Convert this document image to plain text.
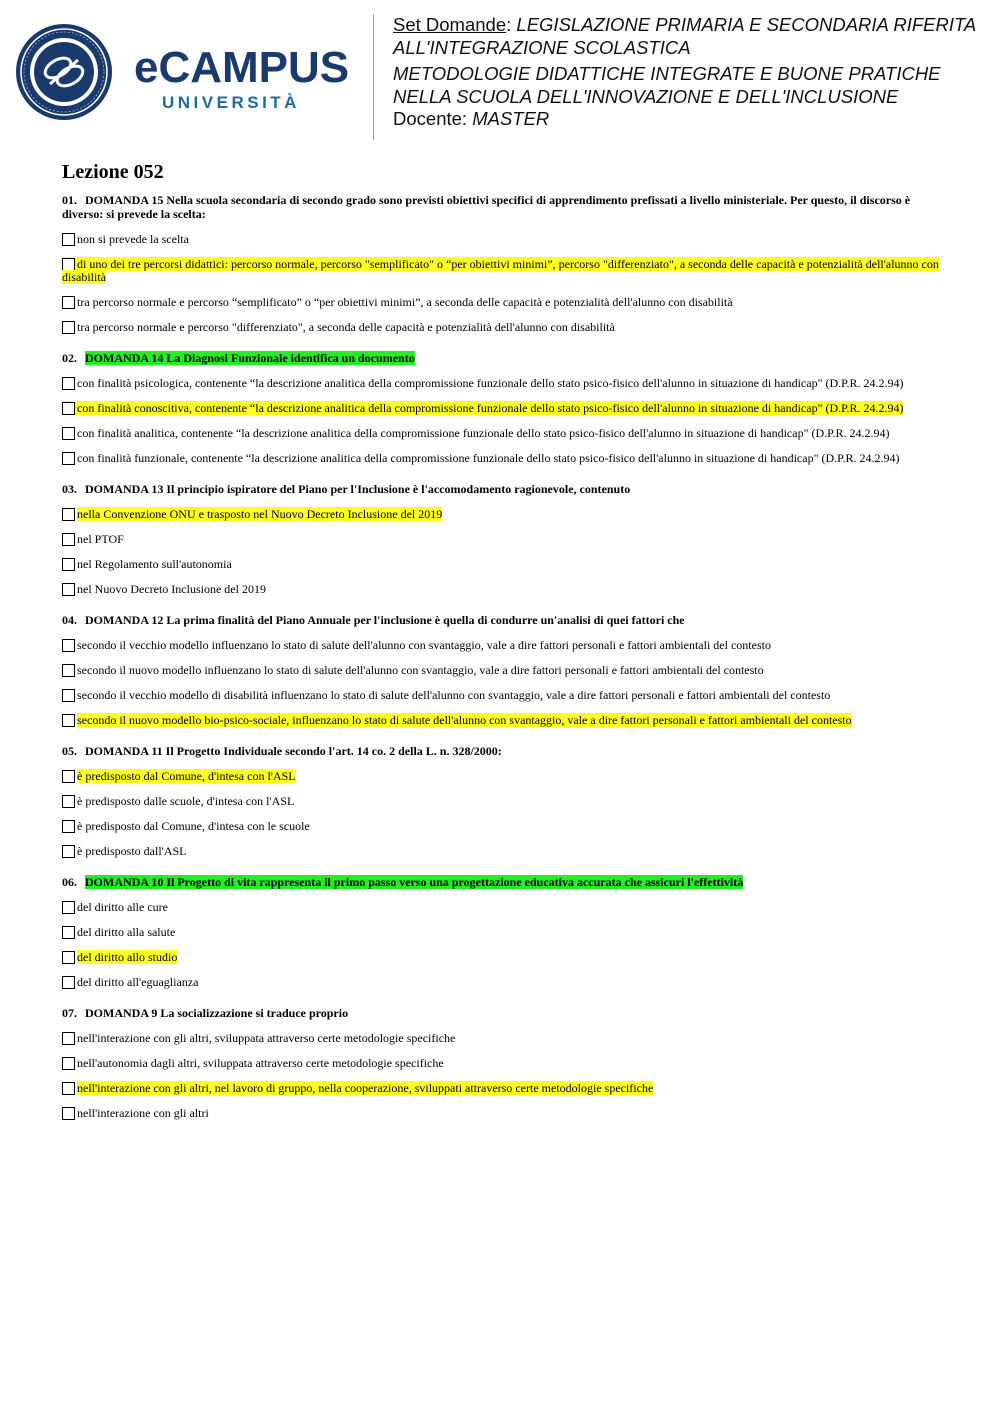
eCAMPUS
UNIVERSITÀ
Set Domande: LEGISLAZIONE PRIMARIA E SECONDARIA RIFERITA
ALL'INTEGRAZIONE SCOLASTICA
METODOLOGIE DIDATTICHE INTEGRATE E BUONE PRATICHE
NELLA SCUOLA DELL'INNOVAZIONE E DELL'INCLUSIONE
Docente: MASTER
Lezione 052
01. DOMANDA 15 Nella scuola secondaria di secondo grado sono previsti obiettivi specifici di apprendimento prefissati a livello ministeriale. Per questo, il discorso è diverso: si prevede la scelta:
non si prevede la scelta
di uno dei tre percorsi didattici: percorso normale, percorso "semplificato" o “per obiettivi minimi”, percorso "differenziato", a seconda delle capacità e potenzialità dell'alunno con disabilità
tra percorso normale e percorso “semplificato” o “per obiettivi minimi”, a seconda delle capacità e potenzialità dell'alunno con disabilità
tra percorso normale e percorso "differenziato", a seconda delle capacità e potenzialità dell'alunno con disabilità
02. DOMANDA 14 La Diagnosi Funzionale identifica un documento
con finalità psicologica, contenente “la descrizione analitica della compromissione funzionale dello stato psico-fisico dell'alunno in situazione di handicap" (D.P.R. 24.2.94)
con finalità conoscitiva, contenente “la descrizione analitica della compromissione funzionale dello stato psico-fisico dell'alunno in situazione di handicap" (D.P.R. 24.2.94)
con finalità analitica, contenente “la descrizione analitica della compromissione funzionale dello stato psico-fisico dell'alunno in situazione di handicap" (D.P.R. 24.2.94)
con finalità funzionale, contenente “la descrizione analitica della compromissione funzionale dello stato psico-fisico dell'alunno in situazione di handicap" (D.P.R. 24.2.94)
03. DOMANDA 13 Il principio ispiratore del Piano per l'Inclusione è l'accomodamento ragionevole, contenuto
nella Convenzione ONU e trasposto nel Nuovo Decreto Inclusione del 2019
nel PTOF
nel Regolamento sull'autonomia
nel Nuovo Decreto Inclusione del 2019
04. DOMANDA 12 La prima finalità del Piano Annuale per l'inclusione è quella di condurre un'analisi di quei fattori che
secondo il vecchio modello influenzano lo stato di salute dell'alunno con svantaggio, vale a dire fattori personali e fattori ambientali del contesto
secondo il nuovo modello influenzano lo stato di salute dell'alunno con svantaggio, vale a dire fattori personali e fattori ambientali del contesto
secondo il vecchio modello di disabilità influenzano lo stato di salute dell'alunno con svantaggio, vale a dire fattori personali e fattori ambientali del contesto
secondo il nuovo modello bio-psico-sociale, influenzano lo stato di salute dell'alunno con svantaggio, vale a dire fattori personali e fattori ambientali del contesto
05. DOMANDA 11 Il Progetto Individuale secondo l'art. 14 co. 2 della L. n. 328/2000:
è predisposto dal Comune, d'intesa con l'ASL
è predisposto dalle scuole, d'intesa con l'ASL
è predisposto dal Comune, d'intesa con le scuole
è predisposto dall'ASL
06. DOMANDA 10 Il Progetto di vita rappresenta il primo passo verso una progettazione educativa accurata che assicuri l'effettività
del diritto alle cure
del diritto alla salute
del diritto allo studio
del diritto all'eguaglianza
07. DOMANDA 9 La socializzazione si traduce proprio
nell'interazione con gli altri, sviluppata attraverso certe metodologie specifiche
nell'autonomia dagli altri, sviluppata attraverso certe metodologie specifiche
nell'interazione con gli altri, nel lavoro di gruppo, nella cooperazione, sviluppati attraverso certe metodologie specifiche
nell'interazione con gli altri
